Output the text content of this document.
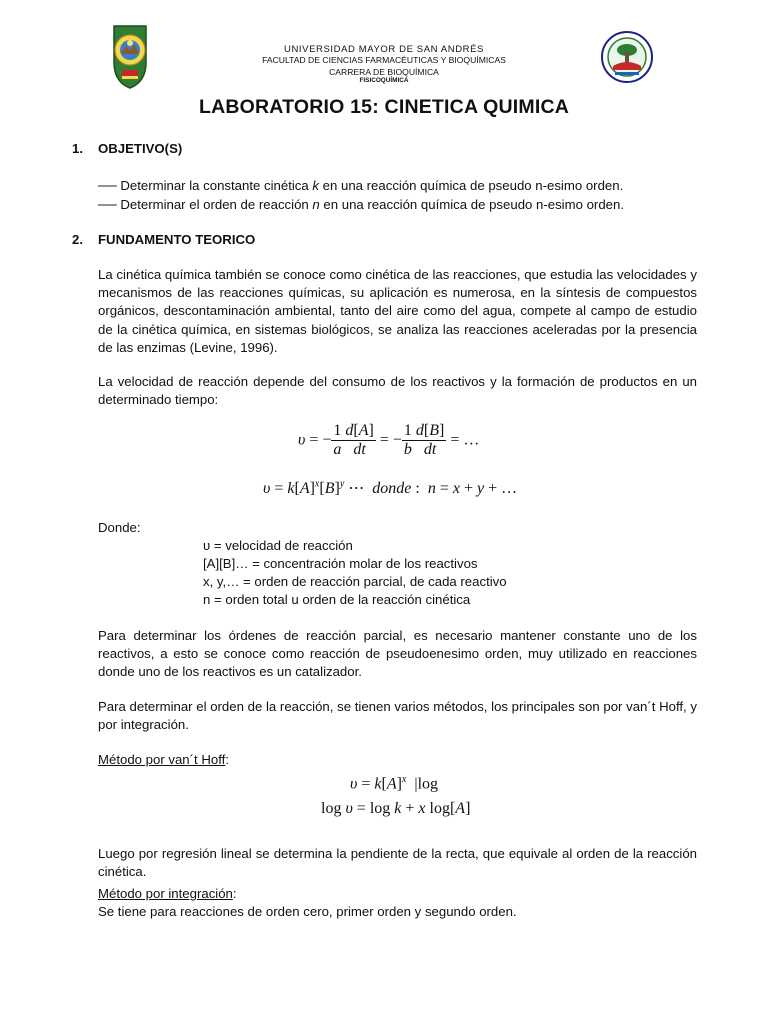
UNIVERSIDAD MAYOR DE SAN ANDRÉS
FACULTAD DE CIENCIAS FARMACÉUTICAS Y BIOQUÍMICAS
CARRERA DE BIOQUÍMICA
FISICOQUÍMICA
LABORATORIO 15: CINETICA QUIMICA
1. OBJETIVO(S)
── Determinar la constante cinética k en una reacción química de pseudo n-esimo orden.
── Determinar el orden de reacción n en una reacción química de pseudo n-esimo orden.
2. FUNDAMENTO TEORICO

La cinética química también se conoce como cinética de las reacciones, que estudia las velocidades y mecanismos de las reacciones químicas, su aplicación es numerosa, en la síntesis de compuestos orgánicos, descontaminación ambiental, tanto del aire como del agua, compete al campo de estudio de la cinética química, en sistemas biológicos, se analiza las reacciones aceleradas por la presencia de las enzimas (Levine, 1996).

La velocidad de reacción depende del consumo de los reactivos y la formación de productos en un determinado tiempo:

υ = − $\frac{1}{a} \frac{d[A]}{dt}$ = − $\frac{1}{b} \frac{d[B]}{dt}$ = …
$\upsilon = k[A]^x[B]^y$ ⋯  donde :  n = x + y + …
Donde:
υ = velocidad de reacción
[A][B]… = concentración molar de los reactivos
x, y,… = orden de reacción parcial, de cada reactivo
n = orden total u orden de la reacción cinética

Para determinar los órdenes de reacción parcial, es necesario mantener constante uno de los reactivos, a esto se conoce como reacción de pseudoenesimo orden, muy utilizado en reacciones donde uno de los reactivos es un catalizador.

Para determinar el orden de la reacción, se tienen varios métodos, los principales son por van´t Hoff, y por integración.

Método por van´t Hoff:
$\upsilon = k[A]^x$  |log
log υ = log k + x log[A]

Luego por regresión lineal se determina la pendiente de la recta, que equivale al orden de la reacción cinética.

Método por integración:
Se tiene para reacciones de orden cero, primer orden y segundo orden.
